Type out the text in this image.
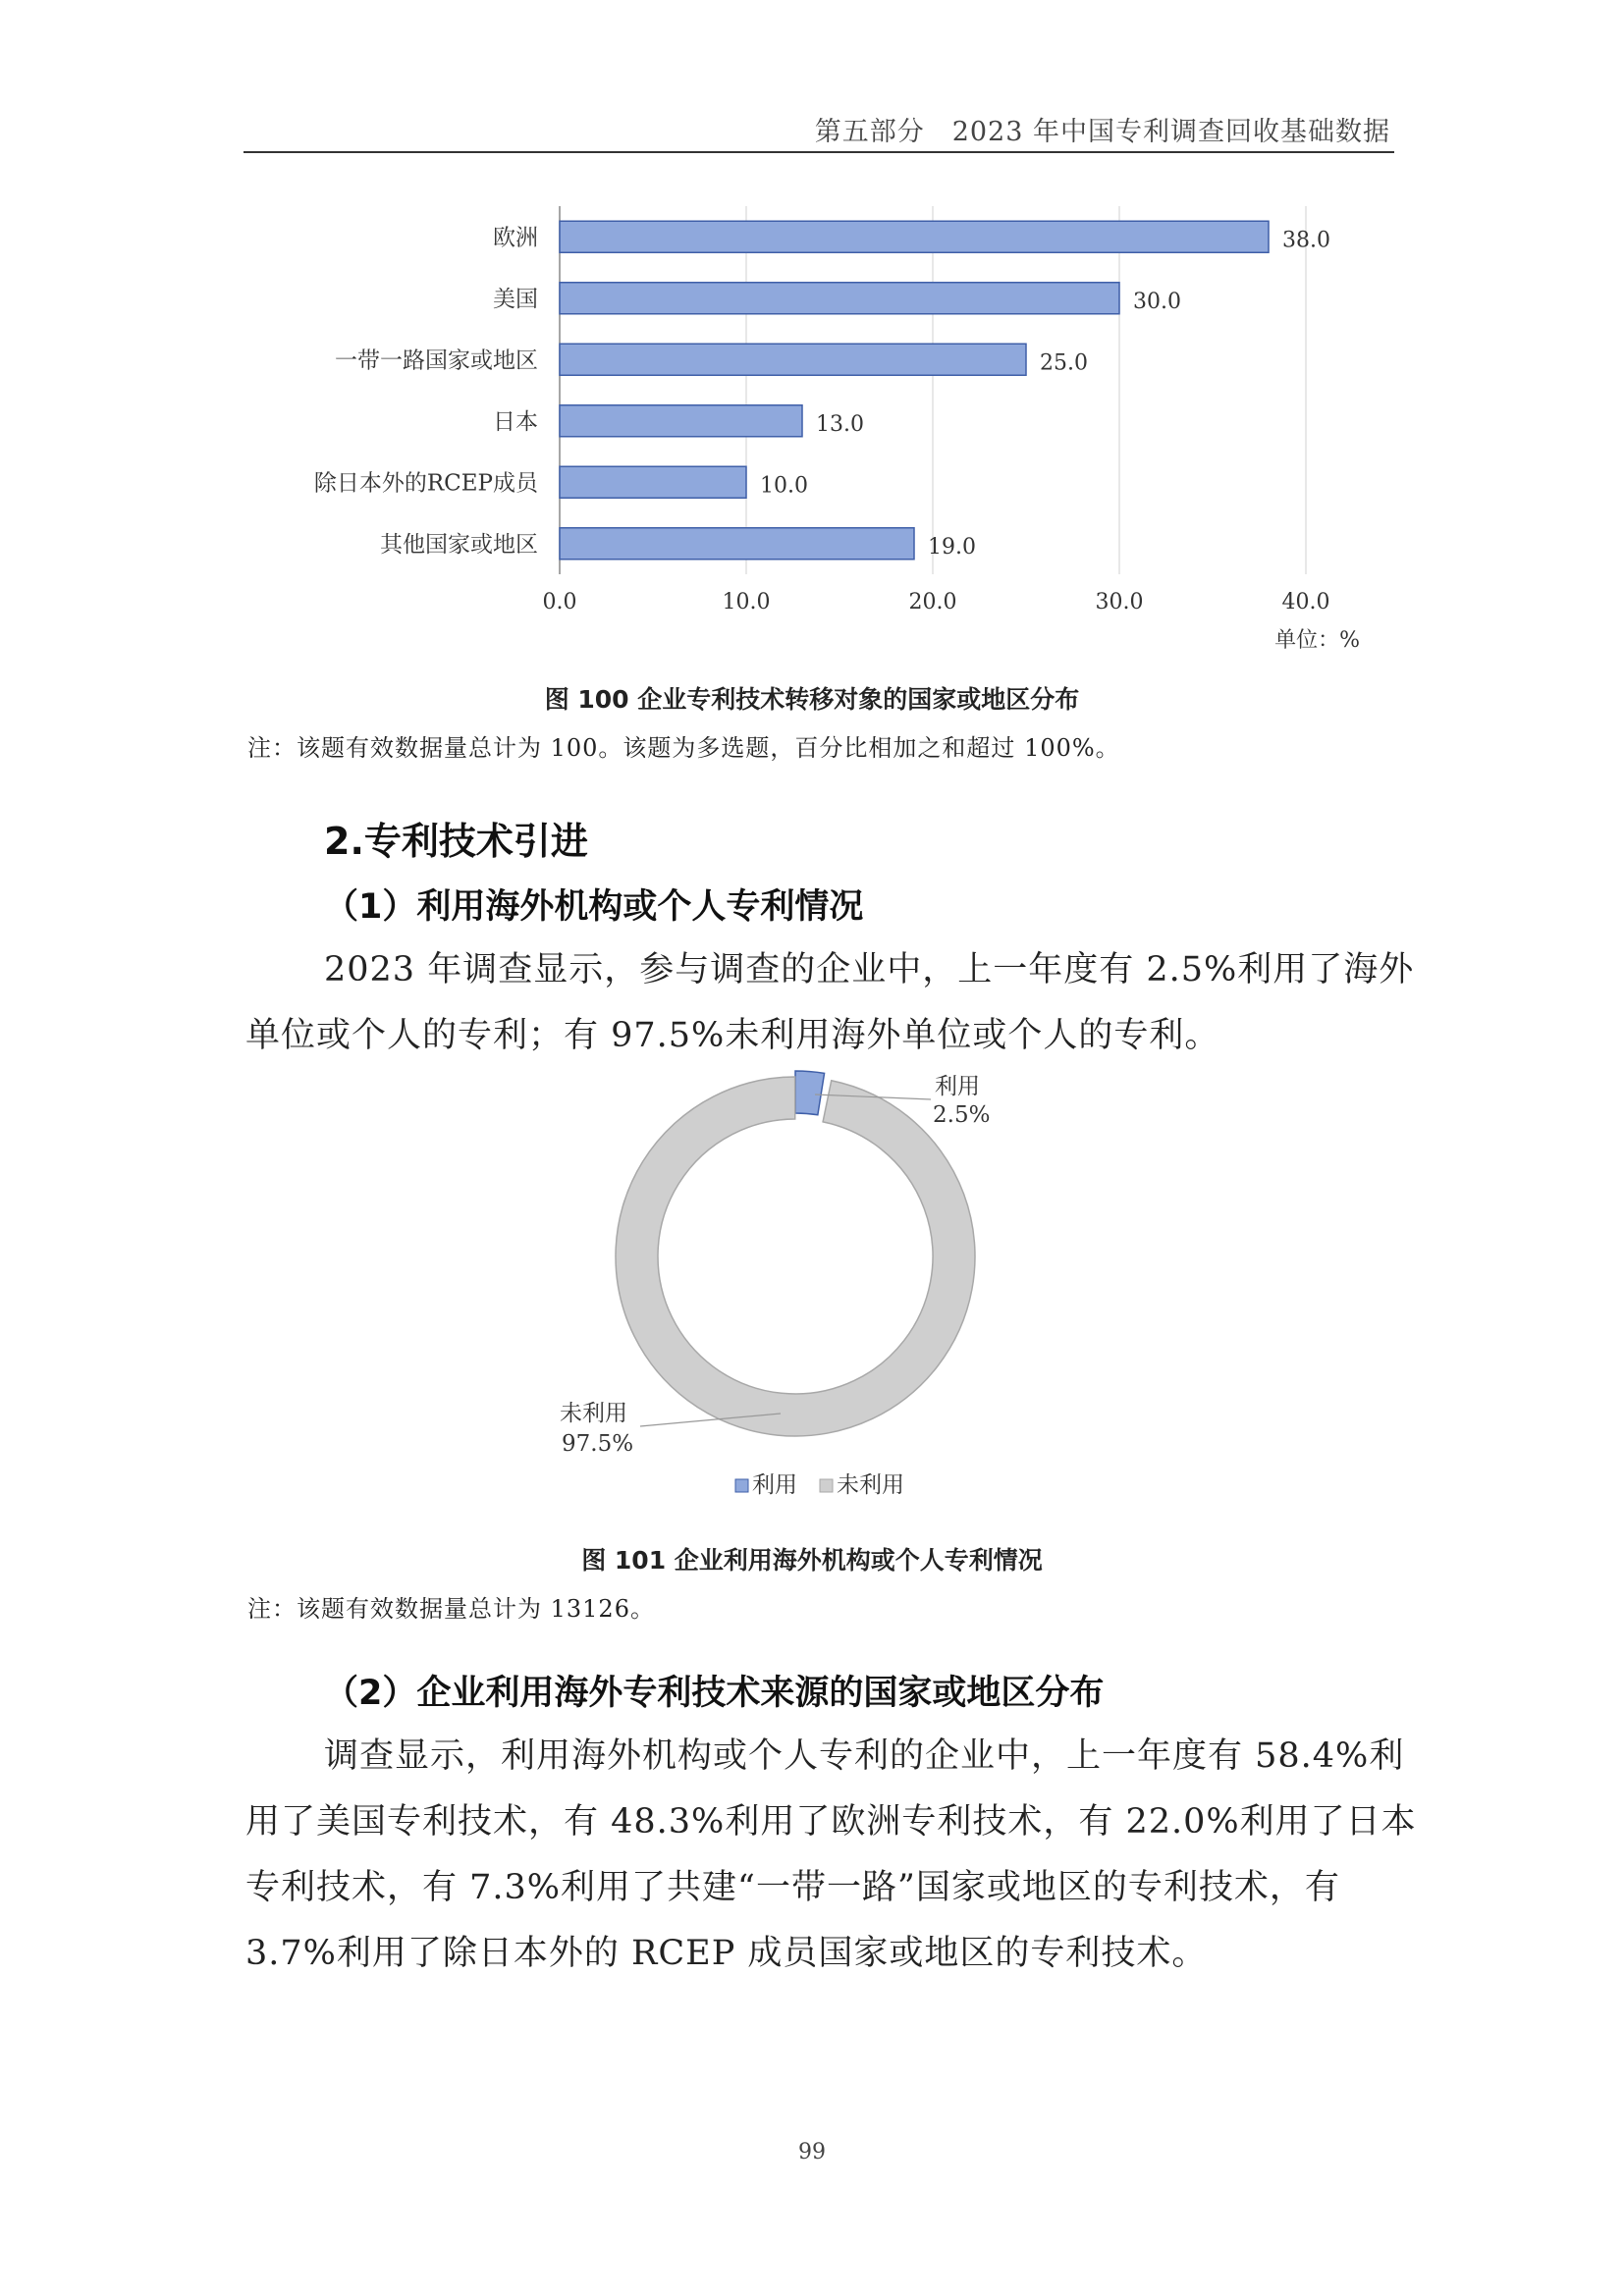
第五部分　2023 年中国专利调查回收基础数据
欧洲
美国
一带一路国家或地区
日本
除日本外的RCEP成员
其他国家或地区
38.0
30.0
25.0
13.0
10.0
19.0
0.0	10.0	20.0	30.0	40.0
单位：%
图 100 企业专利技术转移对象的国家或地区分布
注：该题有效数据量总计为 100。该题为多选题，百分比相加之和超过 100%。
2.专利技术引进
（1）利用海外机构或个人专利情况

2023 年调查显示，参与调查的企业中，上一年度有 2.5%利用了海外单位或个人的专利；有 97.5%未利用海外单位或个人的专利。

利用
2.5%
未利用
97.5%
利用 未利用
图 101 企业利用海外机构或个人专利情况
注：该题有效数据量总计为 13126。
（2）企业利用海外专利技术来源的国家或地区分布

调查显示，利用海外机构或个人专利的企业中，上一年度有 58.4%利用了美国专利技术，有 48.3%利用了欧洲专利技术，有 22.0%利用了日本专利技术，有 7.3%利用了共建“一带一路”国家或地区的专利技术，有 3.7%利用了除日本外的 RCEP 成员国家或地区的专利技术。

99
